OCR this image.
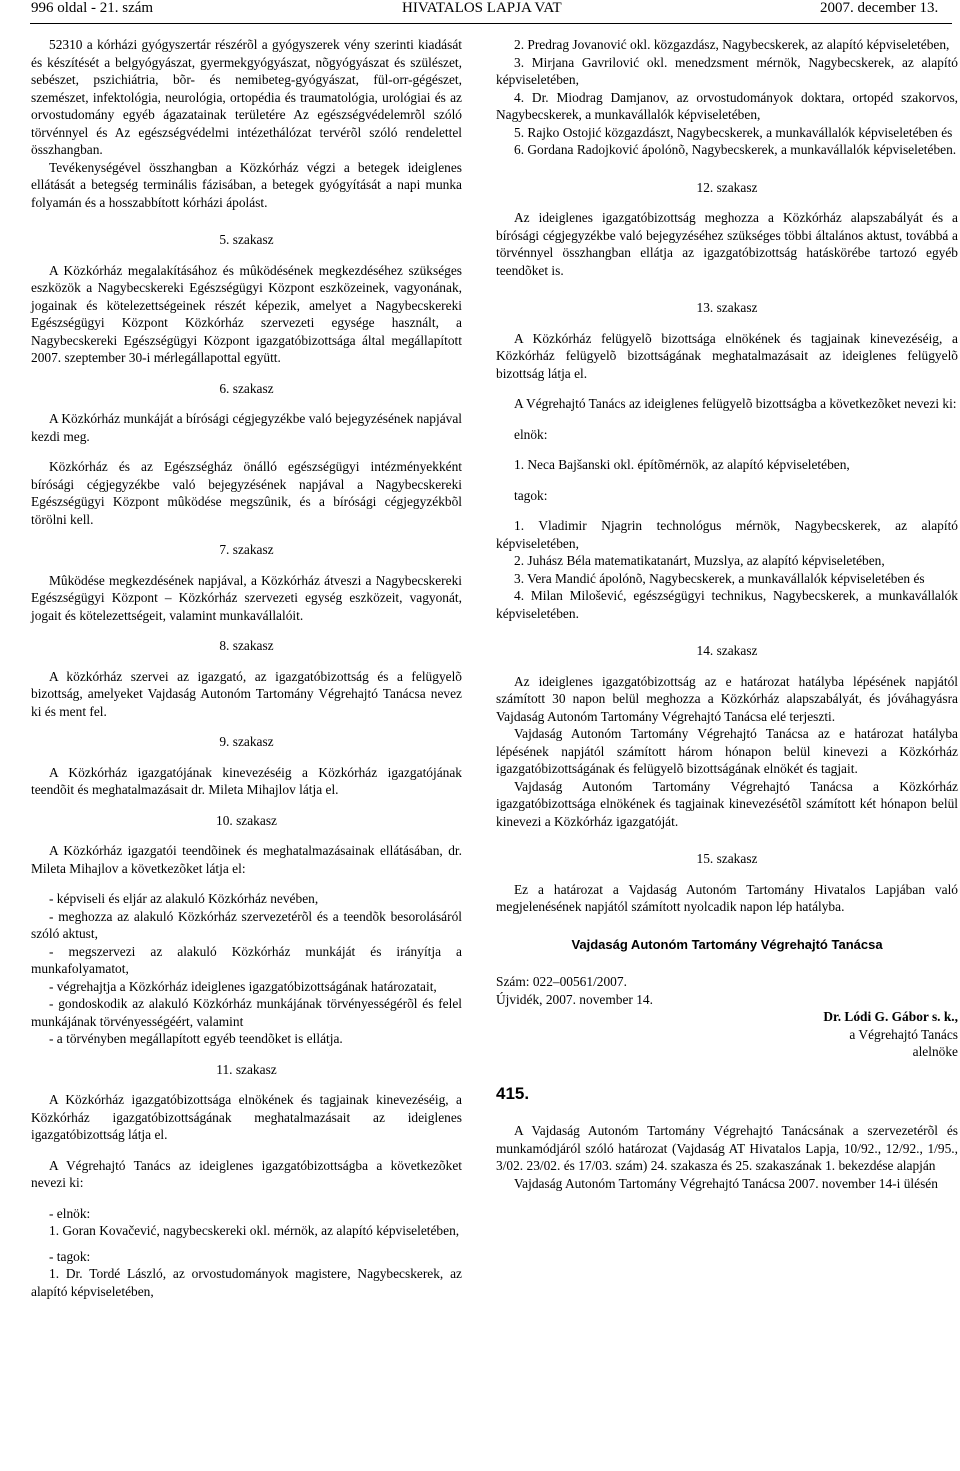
996 oldal - 21. szám	HIVATALOS LAPJA VAT	2007. december 13.

52310 a kórházi gyógyszertár részérõl a gyógyszerek vény szerinti kiadását és készítését a belgyógyászat, gyermekgyógyászat, nõgyógyászat és szülészet, sebészet, pszichiátria, bõr- és nemibeteg-gyógyászat, fül-orr-gégészet, szemészet, infektológia, neurológia, ortopédia és traumatológia, urológiai és az orvostudomány egyéb ágazatainak területére Az egészségvédelemrõl szóló törvénnyel és Az egészségvédelmi intézethálózat tervérõl szóló rendelettel összhangban.

Tevékenységével összhangban a Közkórház végzi a betegek ideiglenes ellátását a betegség terminális fázisában, a betegek gyógyítását a napi munka folyamán és a hosszabbított kórházi ápolást.

5. szakasz

A Közkórház megalakításához és mûködésének megkezdéséhez szükséges eszközök a Nagybecskereki Egészségügyi Központ eszközeinek, vagyonának, jogainak és kötelezettségeinek részét képezik, amelyet a Nagybecskereki Egészségügyi Központ Közkórház szervezeti egysége használt, a Nagybecskereki Egészségügyi Központ igazgatóbizottsága által megállapított 2007. szeptember 30-i mérlegállapottal együtt.

6. szakasz

A Közkórház munkáját a bírósági cégjegyzékbe való bejegyzésének napjával kezdi meg.

Közkórház és az Egészségház önálló egészségügyi intézményekként bírósági cégjegyzékbe való bejegyzésének napjával a Nagybecskereki Egészségügyi Központ mûködése megszûnik, és a bírósági cégjegyzékbõl törölni kell.

7. szakasz

Mûködése megkezdésének napjával, a Közkórház átveszi a Nagybecskereki Egészségügyi Központ – Közkórház szervezeti egység eszközeit, vagyonát, jogait és kötelezettségeit, valamint munkavállalóit.

8. szakasz

A közkórház szervei az igazgató, az igazgatóbizottság és a felügyelõ bizottság, amelyeket Vajdaság Autonóm Tartomány Végrehajtó Tanácsa nevez ki és ment fel.

9. szakasz

A Közkórház igazgatójának kinevezéséig a Közkórház igazgatójának teendõit és meghatalmazásait dr. Mileta Mihajlov látja el.

10. szakasz

A Közkórház igazgatói teendõinek és meghatalmazásainak ellátásában, dr. Mileta Mihajlov a következõket látja el:

- képviseli és eljár az alakuló Közkórház nevében,

- meghozza az alakuló Közkórház szervezetérõl és a teendõk besorolásáról szóló aktust,

- megszervezi az alakuló Közkórház munkáját és irányítja a munkafolyamatot,

- végrehajtja a Közkórház ideiglenes igazgatóbizottságának határozatait,

- gondoskodik az alakuló Közkórház munkájának törvényességérõl és felel munkájának törvényességéért, valamint

- a törvényben megállapított egyéb teendõket is ellátja.

11. szakasz

A Közkórház igazgatóbizottsága elnökének és tagjainak kinevezéséig, a Közkórház igazgatóbizottságának meghatalmazásait az ideiglenes igazgatóbizottság látja el.

A Végrehajtó Tanács az ideiglenes igazgatóbizottságba a következõket nevezi ki:

- elnök:

1. Goran Kovačević, nagybecskereki okl. mérnök, az alapító képviseletében,

- tagok:

1. Dr. Tordé László, az orvostudományok magistere, Nagybecskerek, az alapító képviseletében,

2. Predrag Jovanović okl. közgazdász, Nagybecskerek, az alapító képviseletében,

3. Mirjana Gavrilović okl. menedzsment mérnök, Nagybecskerek, az alapító képviseletében,

4. Dr. Miodrag Damjanov, az orvostudományok doktara, ortopéd szakorvos, Nagybecskerek, a munkavállalók képviseletében,

5. Rajko Ostojić közgazdászt, Nagybecskerek, a munkavállalók képviseletében és

6. Gordana Radojković ápolónõ, Nagybecskerek, a munkavállalók képviseletében.

12. szakasz

Az ideiglenes igazgatóbizottság meghozza a Közkórház alapszabályát és a bírósági cégjegyzékbe való bejegyzéséhez szükséges többi általános aktust, továbbá a törvénnyel összhangban ellátja az igazgatóbizottság hatáskörébe tartozó egyéb teendõket is.

13. szakasz

A Közkórház felügyelõ bizottsága elnökének és tagjainak kinevezéséig, a Közkórház felügyelõ bizottságának meghatalmazásait az ideiglenes felügyelõ bizottság látja el.

A Végrehajtó Tanács az ideiglenes felügyelõ bizottságba a következõket nevezi ki:

elnök:

1. Neca Bajšanski okl. építõmérnök, az alapító képviseletében,

tagok:

1. Vladimir Njagrin technológus mérnök, Nagybecskerek, az alapító képviseletében,

2. Juhász Béla matematikatanárt, Muzslya, az alapító képviseletében,

3. Vera Mandić ápolónõ, Nagybecskerek, a munkavállalók képviseletében és

4. Milan Milošević, egészségügyi technikus, Nagybecskerek, a munkavállalók képviseletében.

14. szakasz

Az ideiglenes igazgatóbizottság az e határozat hatályba lépésének napjától számított 30 napon belül meghozza a Közkórház alapszabályát, és jóváhagyásra Vajdaság Autonóm Tartomány Végrehajtó Tanácsa elé terjeszti.

Vajdaság Autonóm Tartomány Végrehajtó Tanácsa az e határozat hatályba lépésének napjától számított három hónapon belül kinevezi a Közkórház igazgatóbizottságának és felügyelõ bizottságának elnökét és tagjait.

Vajdaság Autonóm Tartomány Végrehajtó Tanácsa a Közkórház igazgatóbizottsága elnökének és tagjainak kinevezésétõl számított két hónapon belül kinevezi a Közkórház igazgatóját.

15. szakasz

Ez a határozat a Vajdaság Autonóm Tartomány Hivatalos Lapjában való megjelenésének napjától számított nyolcadik napon lép hatályba.

Vajdaság Autonóm Tartomány Végrehajtó Tanácsa

Szám: 022–00561/2007.

Újvidék, 2007. november 14.

Dr. Lódi G. Gábor s. k.,

a Végrehajtó Tanács

alelnöke

415.

A Vajdaság Autonóm Tartomány Végrehajtó Tanácsának a szervezetérõl és munkamódjáról szóló határozat (Vajdaság AT Hivatalos Lapja, 10/92., 12/92., 1/95., 3/02. 23/02. és 17/03. szám) 24. szakasza és 25. szakaszának 1. bekezdése alapján

Vajdaság Autonóm Tartomány Végrehajtó Tanácsa 2007. november 14-i ülésén
